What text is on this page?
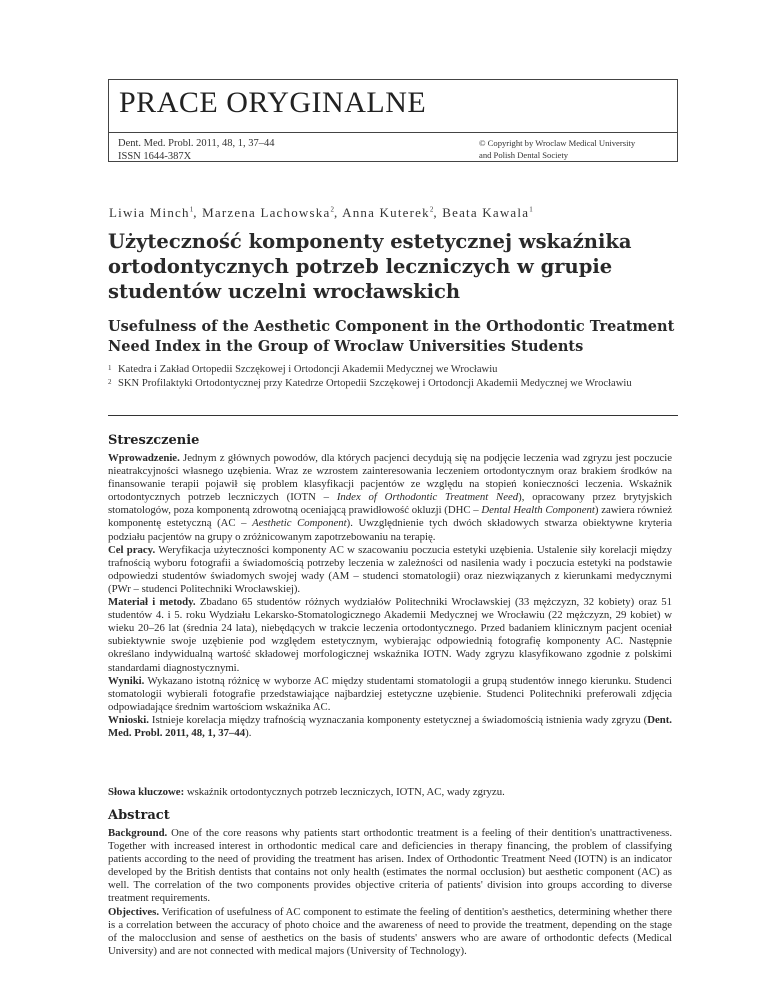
PRACE ORYGINALNE
Dent. Med. Probl. 2011, 48, 1, 37–44
ISSN 1644-387X
© Copyright by Wroclaw Medical University
and Polish Dental Society
Liwia Minch$^1$, Marzena Lachowska$^2$, Anna Kuterek$^2$, Beata Kawala$^1$
Użyteczność komponenty estetycznej wskaźnika ortodontycznych potrzeb leczniczych w grupie studentów uczelni wrocławskich
Usefulness of the Aesthetic Component in the Orthodontic Treatment Need Index in the Group of Wroclaw Universities Students
1 Katedra i Zakład Ortopedii Szczękowej i Ortodoncji Akademii Medycznej we Wrocławiu
2 SKN Profilaktyki Ortodontycznej przy Katedrze Ortopedii Szczękowej i Ortodoncji Akademii Medycznej we Wrocławiu
Streszczenie

Wprowadzenie. Jednym z głównych powodów, dla których pacjenci decydują się na podjęcie leczenia wad zgryzu jest poczucie nieatrakcyjności własnego uzębienia. Wraz ze wzrostem zainteresowania leczeniem ortodontycznym oraz brakiem środków na finansowanie terapii pojawił się problem klasyfikacji pacjentów ze względu na stopień konieczności leczenia. Wskaźnik ortodontycznych potrzeb leczniczych (IOTN – Index of Orthodontic Treatment Need), opracowany przez brytyjskich stomatologów, poza komponentą zdrowotną oceniającą prawidłowość okluzji (DHC – Dental Health Component) zawiera również komponentę estetyczną (AC – Aesthetic Component). Uwzględnienie tych dwóch składowych stwarza obiektywne kryteria podziału pacjentów na grupy o zróżnicowanym zapotrzebowaniu na terapię.

Cel pracy. Weryfikacja użyteczności komponenty AC w szacowaniu poczucia estetyki uzębienia. Ustalenie siły korelacji między trafnością wyboru fotografii a świadomością potrzeby leczenia w zależności od nasilenia wady i poczucia estetyki na podstawie odpowiedzi studentów świadomych swojej wady (AM – studenci stomatologii) oraz niezwiązanych z kierunkami medycznymi (PWr – studenci Politechniki Wrocławskiej).

Materiał i metody. Zbadano 65 studentów różnych wydziałów Politechniki Wrocławskiej (33 mężczyzn, 32 kobiety) oraz 51 studentów 4. i 5. roku Wydziału Lekarsko-Stomatologicznego Akademii Medycznej we Wrocławiu (22 mężczyzn, 29 kobiet) w wieku 20–26 lat (średnia 24 lata), niebędących w trakcie leczenia ortodontycznego. Przed badaniem klinicznym pacjent oceniał subiektywnie swoje uzębienie pod względem estetycznym, wybierając odpowiednią fotografię komponenty AC. Następnie określano indywidualną wartość składowej morfologicznej wskaźnika IOTN. Wady zgryzu klasyfikowano zgodnie z polskimi standardami diagnostycznymi.

Wyniki. Wykazano istotną różnicę w wyborze AC między studentami stomatologii a grupą studentów innego kierunku. Studenci stomatologii wybierali fotografie przedstawiające najbardziej estetyczne uzębienie. Studenci Politechniki preferowali zdjęcia odpowiadające średnim wartościom wskaźnika AC.

Wnioski. Istnieje korelacja między trafnością wyznaczania komponenty estetycznej a świadomością istnienia wady zgryzu (Dent. Med. Probl. 2011, 48, 1, 37–44).

Słowa kluczowe: wskaźnik ortodontycznych potrzeb leczniczych, IOTN, AC, wady zgryzu.
Abstract

Background. One of the core reasons why patients start orthodontic treatment is a feeling of their dentition's unattractiveness. Together with increased interest in orthodontic medical care and deficiencies in therapy financing, the problem of classifying patients according to the need of providing the treatment has arisen. Index of Orthodontic Treatment Need (IOTN) is an indicator developed by the British dentists that contains not only health (estimates the normal occlusion) but aesthetic component (AC) as well. The correlation of the two components provides objective criteria of patients' division into groups according to diverse treatment requirements.

Objectives. Verification of usefulness of AC component to estimate the feeling of dentition's aesthetics, determining whether there is a correlation between the accuracy of photo choice and the awareness of need to provide the treatment, depending on the stage of the malocclusion and sense of aesthetics on the basis of students' answers who are aware of orthodontic defects (Medical University) and are not connected with medical majors (University of Technology).
